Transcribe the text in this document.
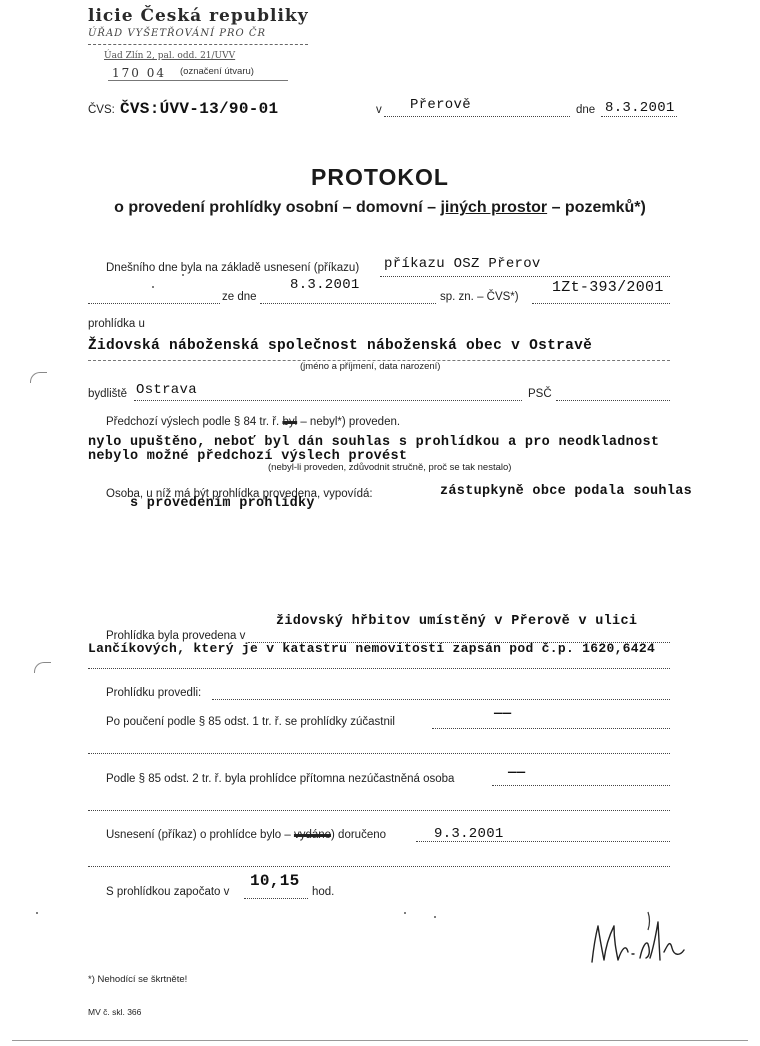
licie Česká republiky
ÚŘAD VYŠETŘOVÁNÍ PRO ČR
Úad Zlín 2, pal. odd. 21/UVV
170 04 (označení útvaru)
ČVS: ČVS:ÚVV-13/90-01	v Přerově	dne 8.3.2001
PROTOKOL
o provedení prohlídky osobní – domovní – jiných prostor – pozemků*)
Dnešního dne byla na základě usnesení (příkazu) příkazu OSZ Přerov
ze dne
8.3.2001
sp. zn. – ČVS*)
1Zt-393/2001
prohlídka u
Židovská náboženská společnost náboženská obec v Ostravě
(jméno a příjmení, data narození)
bydliště Ostrava	PSČ
Předchozí výslech podle § 84 tr. ř. byl – nebyl*) proveden.
nylo upuštěno, neboť byl dán souhlas s prohlídkou a pro neodkladnost
nebylo možné předchozí výslech provést
(nebyl-li proveden, zdůvodnit stručně, proč se tak nestalo)
Osoba, u níž má být prohlídka provedena, vypovídá:	zástupkyně obce podala souhlas
s provedením prohlídky
židovský hřbitov umístěný v Přerově v ulici
Prohlídka byla provedena v
Lančíkových, který je v katastru nemovitostí zapsán pod č.p. 1620,6424
Prohlídku provedli:
Po poučení podle § 85 odst. 1 tr. ř. se prohlídky zúčastnil	——
Podle § 85 odst. 2 tr. ř. byla prohlídce přítomna nezúčastněná osoba	——
Usnesení (příkaz) o prohlídce bylo – vydáno) doručeno	9.3.2001
S prohlídkou započato v
10,15
hod.
*) Nehodící se škrtněte!
MV č. skl. 366
